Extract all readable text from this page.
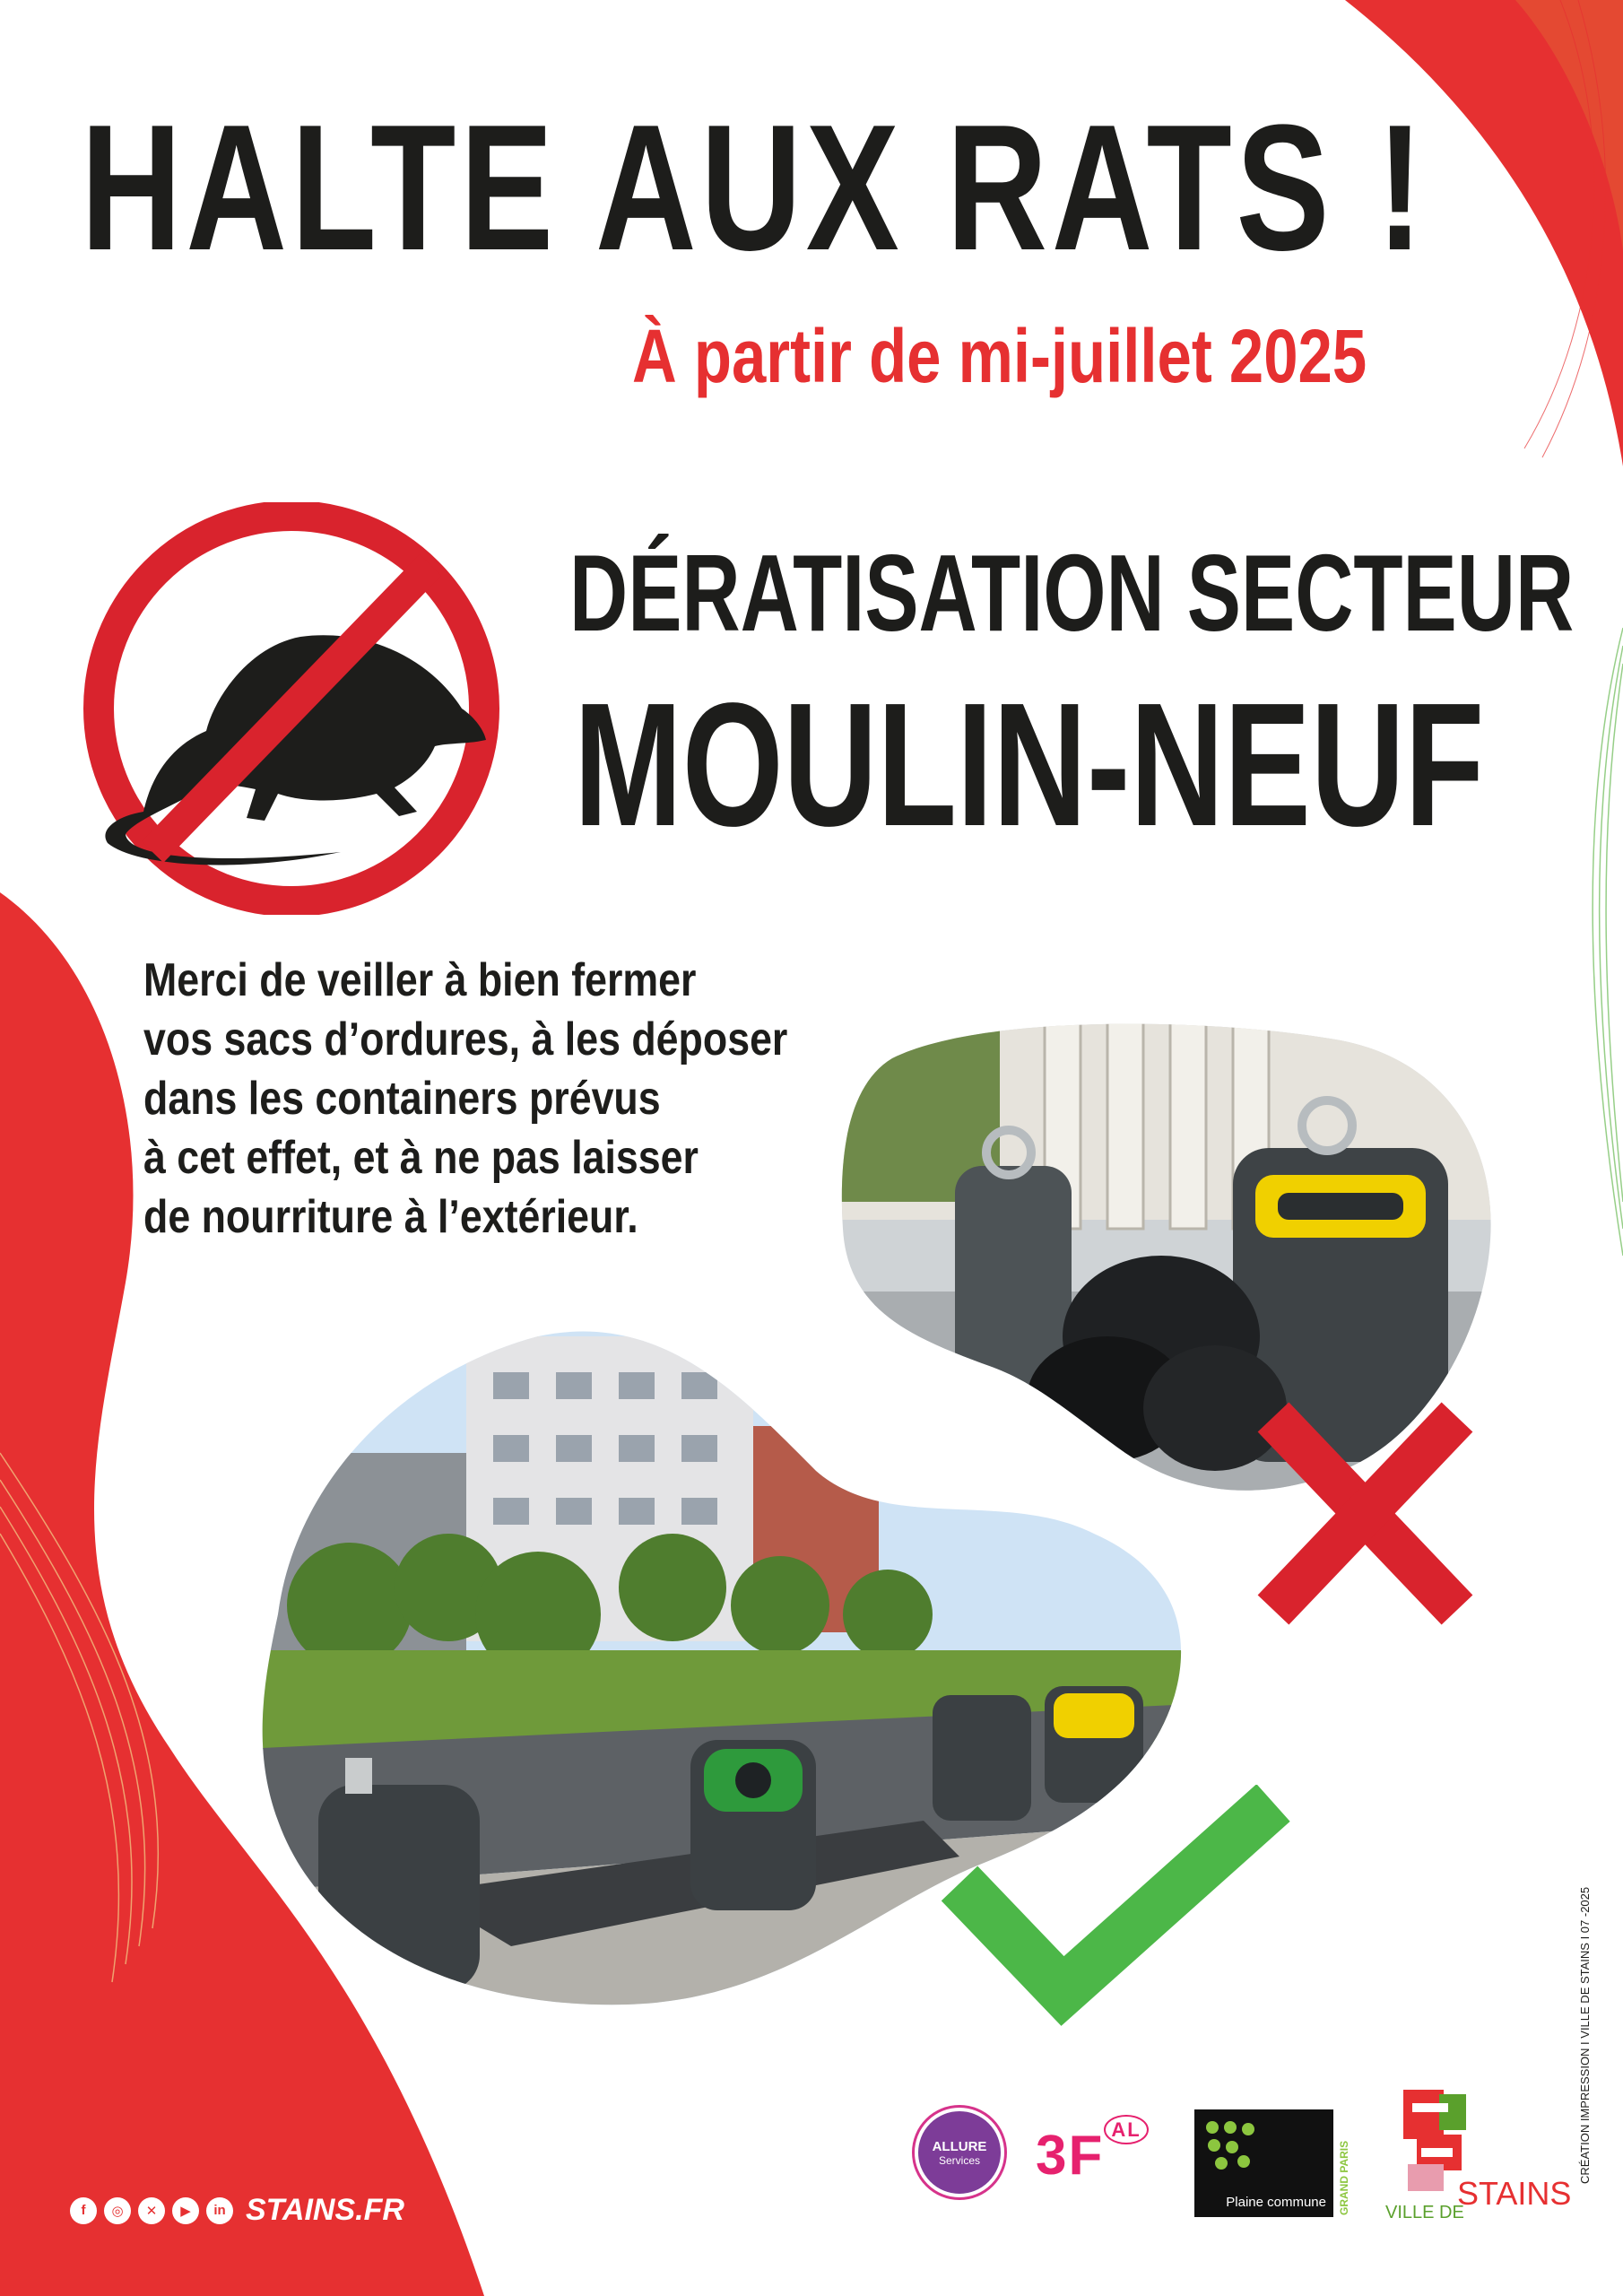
HALTE AUX RATS !
À partir de mi-juillet 2025
DÉRATISATION SECTEUR
MOULIN-NEUF
Merci de veiller à bien fermer
vos sacs d’ordures, à les déposer
dans les containers prévus
à cet effet, et à ne pas laisser
de nourriture à l’extérieur.
CRÉATION IMPRESSION I VILLE DE STAINS I 07 -2025
f	◎	✕	▶	in STAINS.FR
ALLURE
Services 3F $^{AL}$
Plaine commune GRAND PARIS VILLE DE
STAINS
